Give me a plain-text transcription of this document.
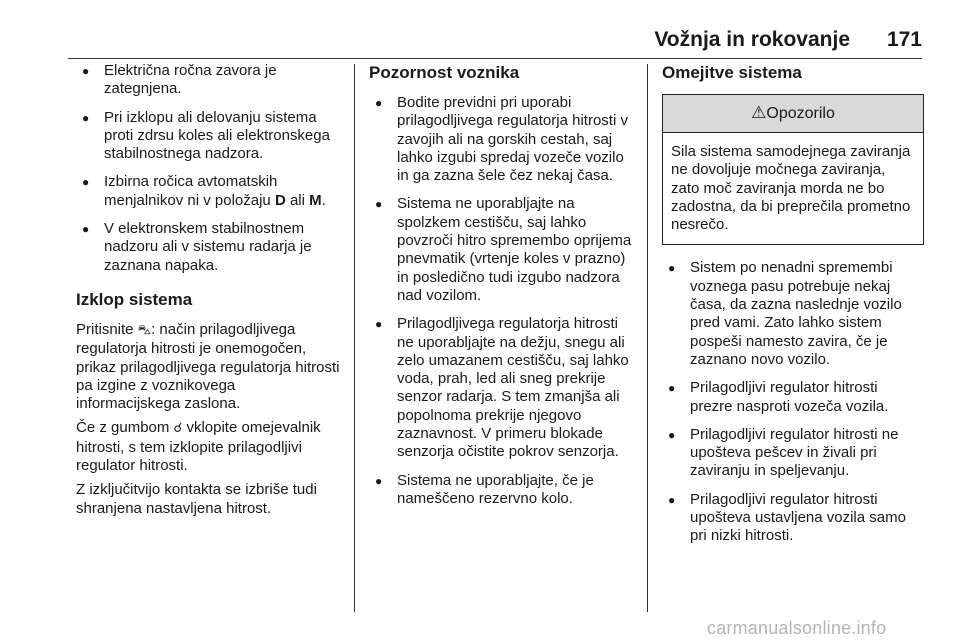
Vožnja in rokovanje 171
● Električna ročna zavora je zategnjena.
● Pri izklopu ali delovanju sistema proti zdrsu koles ali elektronskega stabilnostnega nadzora.
● Izbirna ročica avtomatskih menjalnikov ni v položaju D ali M.
● V elektronskem stabilnostnem nadzoru ali v sistemu radarja je zaznana napaka.
Izklop sistema

Pritisnite ⛍: način prilagodljivega regulatorja hitrosti je onemogočen, prikaz prilagodljivega regulatorja hitrosti pa izgine z voznikovega informacijskega zaslona.

Če z gumbom ☌ vklopite omejevalnik hitrosti, s tem izklopite prilagodljivi regulator hitrosti.

Z izključitvijo kontakta se izbriše tudi shranjena nastavljena hitrost.

Pozornost voznika
● Bodite previdni pri uporabi prilagodljivega regulatorja hitrosti v zavojih ali na gorskih cestah, saj lahko izgubi spredaj vozeče vozilo in ga zazna šele čez nekaj časa.
● Sistema ne uporabljajte na spolzkem cestišču, saj lahko povzroči hitro spremembo oprijema pnevmatik (vrtenje koles v prazno) in posledično tudi izgubo nadzora nad vozilom.
● Prilagodljivega regulatorja hitrosti ne uporabljajte na dežju, snegu ali zelo umazanem cestišču, saj lahko voda, prah, led ali sneg prekrije senzor radarja. S tem zmanjša ali popolnoma prekrije njegovo zaznavnost. V primeru blokade senzorja očistite pokrov senzorja.
● Sistema ne uporabljajte, če je nameščeno rezervno kolo.
Omejitve sistema
⚠Opozorilo
Sila sistema samodejnega zaviranja ne dovoljuje močnega zaviranja, zato moč zaviranja morda ne bo zadostna, da bi preprečila prometno nesrečo.
● Sistem po nenadni spremembi voznega pasu potrebuje nekaj časa, da zazna naslednje vozilo pred vami. Zato lahko sistem pospeši namesto zavira, če je zaznano novo vozilo.
● Prilagodljivi regulator hitrosti prezre nasproti vozeča vozila.
● Prilagodljivi regulator hitrosti ne upošteva pešcev in živali pri zaviranju in speljevanju.
● Prilagodljivi regulator hitrosti upošteva ustavljena vozila samo pri nizki hitrosti.
carmanualsonline.info
